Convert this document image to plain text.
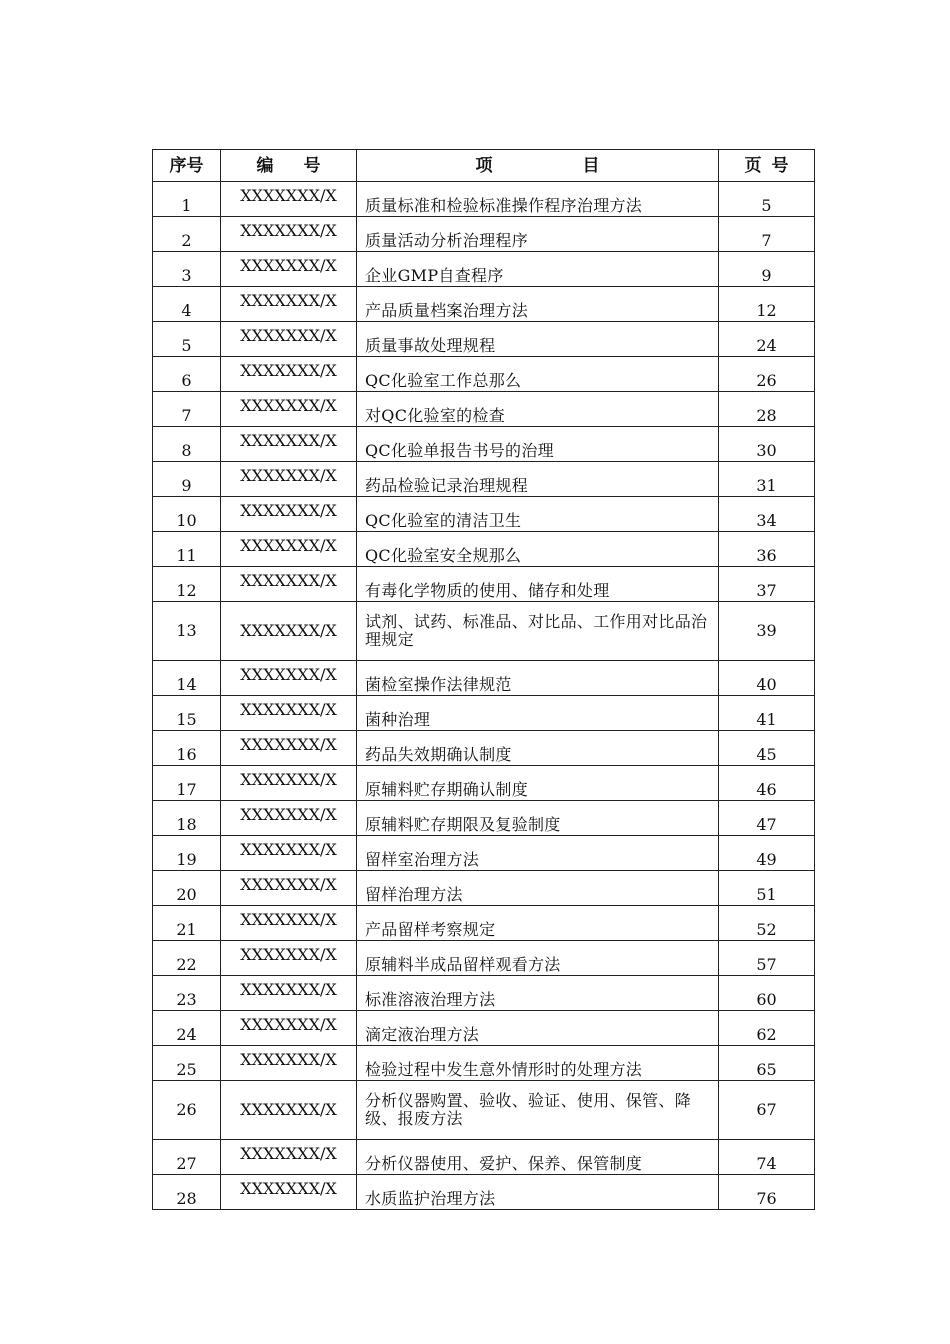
序号	编号	项目	页号
1	XXXXXXX/X	质量标准和检验标准操作程序治理方法	5
2	XXXXXXX/X	质量活动分析治理程序	7
3	XXXXXXX/X	企业GMP自查程序	9
4	XXXXXXX/X	产品质量档案治理方法	12
5	XXXXXXX/X	质量事故处理规程	24
6	XXXXXXX/X	QC化验室工作总那么	26
7	XXXXXXX/X	对QC化验室的检查	28
8	XXXXXXX/X	QC化验单报告书号的治理	30
9	XXXXXXX/X	药品检验记录治理规程	31
10	XXXXXXX/X	QC化验室的清洁卫生	34
11	XXXXXXX/X	QC化验室安全规那么	36
12	XXXXXXX/X	有毒化学物质的使用、储存和处理	37
13	XXXXXXX/X	试剂、试药、标准品、对比品、工作用对比品治理规定	39
14	XXXXXXX/X	菌检室操作法律规范	40
15	XXXXXXX/X	菌种治理	41
16	XXXXXXX/X	药品失效期确认制度	45
17	XXXXXXX/X	原辅料贮存期确认制度	46
18	XXXXXXX/X	原辅料贮存期限及复验制度	47
19	XXXXXXX/X	留样室治理方法	49
20	XXXXXXX/X	留样治理方法	51
21	XXXXXXX/X	产品留样考察规定	52
22	XXXXXXX/X	原辅料半成品留样观看方法	57
23	XXXXXXX/X	标准溶液治理方法	60
24	XXXXXXX/X	滴定液治理方法	62
25	XXXXXXX/X	检验过程中发生意外情形时的处理方法	65
26	XXXXXXX/X	分析仪器购置、验收、验证、使用、保管、降级、报废方法	67
27	XXXXXXX/X	分析仪器使用、爱护、保养、保管制度	74
28	XXXXXXX/X	水质监护治理方法	76
